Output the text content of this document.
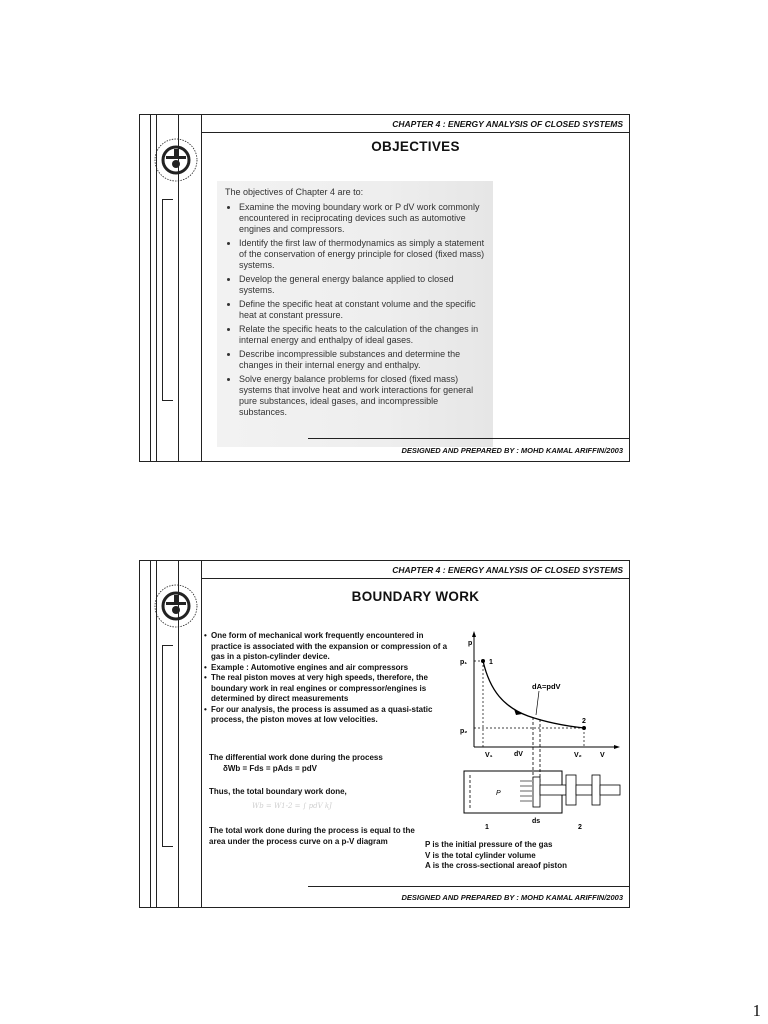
CHAPTER 4 : ENERGY ANALYSIS OF CLOSED SYSTEMS
OBJECTIVES

The objectives of Chapter 4 are to:

• Examine the moving boundary work or P dV work commonly encountered in reciprocating devices such as automotive engines and compressors.
• Identify the first law of thermodynamics as simply a statement of the conservation of energy principle for closed (fixed mass) systems.
• Develop the general energy balance applied to closed systems.
• Define the specific heat at constant volume and the specific heat at constant pressure.
• Relate the specific heats to the calculation of the changes in internal energy and enthalpy of ideal gases.
• Describe incompressible substances and determine the changes in their internal energy and enthalpy.
• Solve energy balance problems for closed (fixed mass) systems that involve heat and work interactions for general pure substances, ideal gases, and incompressible substances.
DESIGNED AND PREPARED BY : MOHD KAMAL ARIFFIN/2003
CHAPTER 4 : ENERGY ANALYSIS OF CLOSED SYSTEMS
BOUNDARY WORK
• One form of mechanical work frequently encountered in practice is associated with the expansion or compression of a gas in a piston-cylinder device.
• Example : Automotive engines and air compressors
• The real piston moves at very high speeds, therefore, the boundary work in real engines or compressor/engines is determined by direct measurements
• For our analysis, the process is assumed as a quasi-static process, the piston moves at low velocities.
The differential work done during the process
δWb = Fds = pAds = pdV
Thus, the total boundary work done,
Wb = W1-2 = ∫ pdV kJ
The total work done during the process is equal to the area under the process curve on a p-V diagram
p
p₁
p₂
1
2
dA=pdV
V₁	dV	V₂	V
P
ds
1	2
P is the initial pressure of the gas
V is the total cylinder volume
A is the cross-sectional areaof piston
DESIGNED AND PREPARED BY : MOHD KAMAL ARIFFIN/2003
1
